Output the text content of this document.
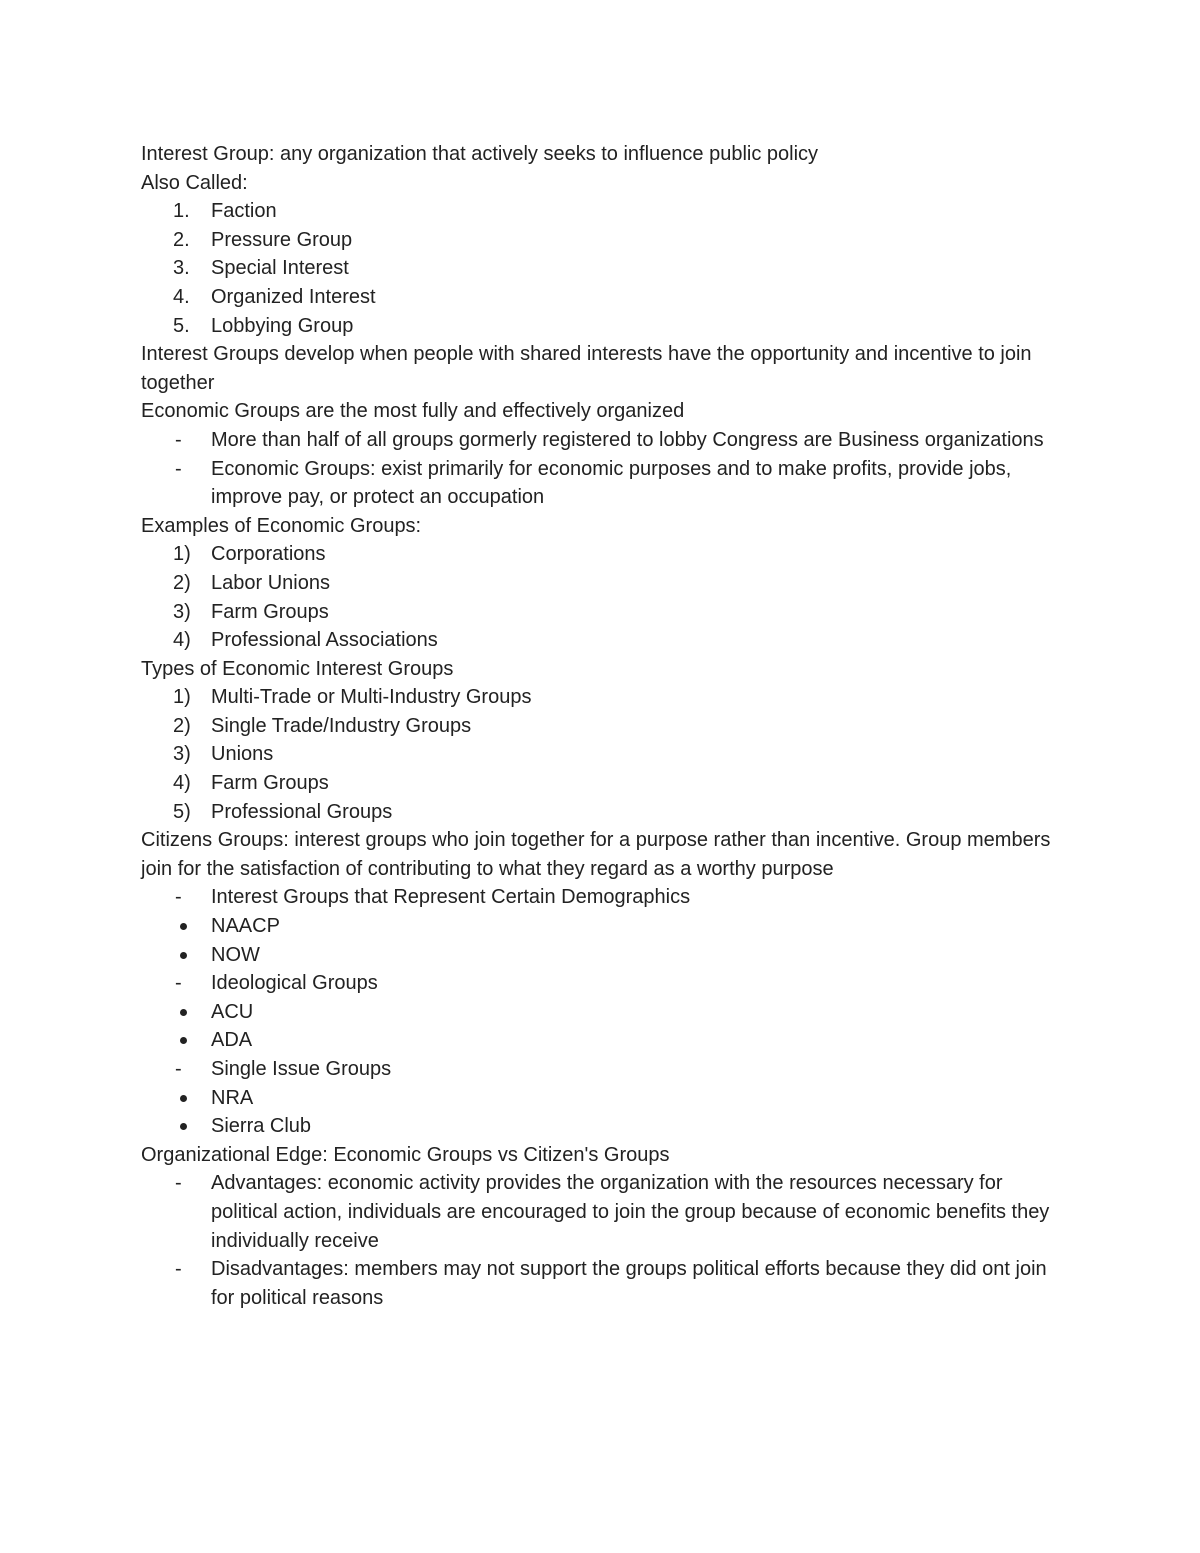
Interest Group: any organization that actively seeks to influence public policy
Also Called:
1.	Faction
2.	Pressure Group
3.	Special Interest
4.	Organized Interest
5.	Lobbying Group
Interest Groups develop when people with shared interests have the opportunity and incentive to join together
Economic Groups are the most fully and effectively organized
-	More than half of all groups gormerly registered to lobby Congress are Business organizations
-	Economic Groups: exist primarily for economic purposes and to make profits, provide jobs, improve pay, or protect an occupation
Examples of Economic Groups:
1)	Corporations
2)	Labor Unions
3)	Farm Groups
4)	Professional Associations
Types of Economic Interest Groups
1)	Multi-Trade or Multi-Industry Groups
2)	Single Trade/Industry Groups
3)	Unions
4)	Farm Groups
5)	Professional Groups
Citizens Groups: interest groups who join together for a purpose rather than incentive. Group members join for the satisfaction of contributing to what they regard as a worthy purpose
-	Interest Groups that Represent Certain Demographics
NAACP
NOW
-	Ideological Groups
ACU
ADA
-	Single Issue Groups
NRA
Sierra Club
Organizational Edge: Economic Groups vs Citizen's Groups
-	Advantages: economic activity provides the organization with the resources necessary for political action, individuals are encouraged to join the group because of economic benefits they individually receive
-	Disadvantages: members may not support the groups political efforts because they did ont join for political reasons
